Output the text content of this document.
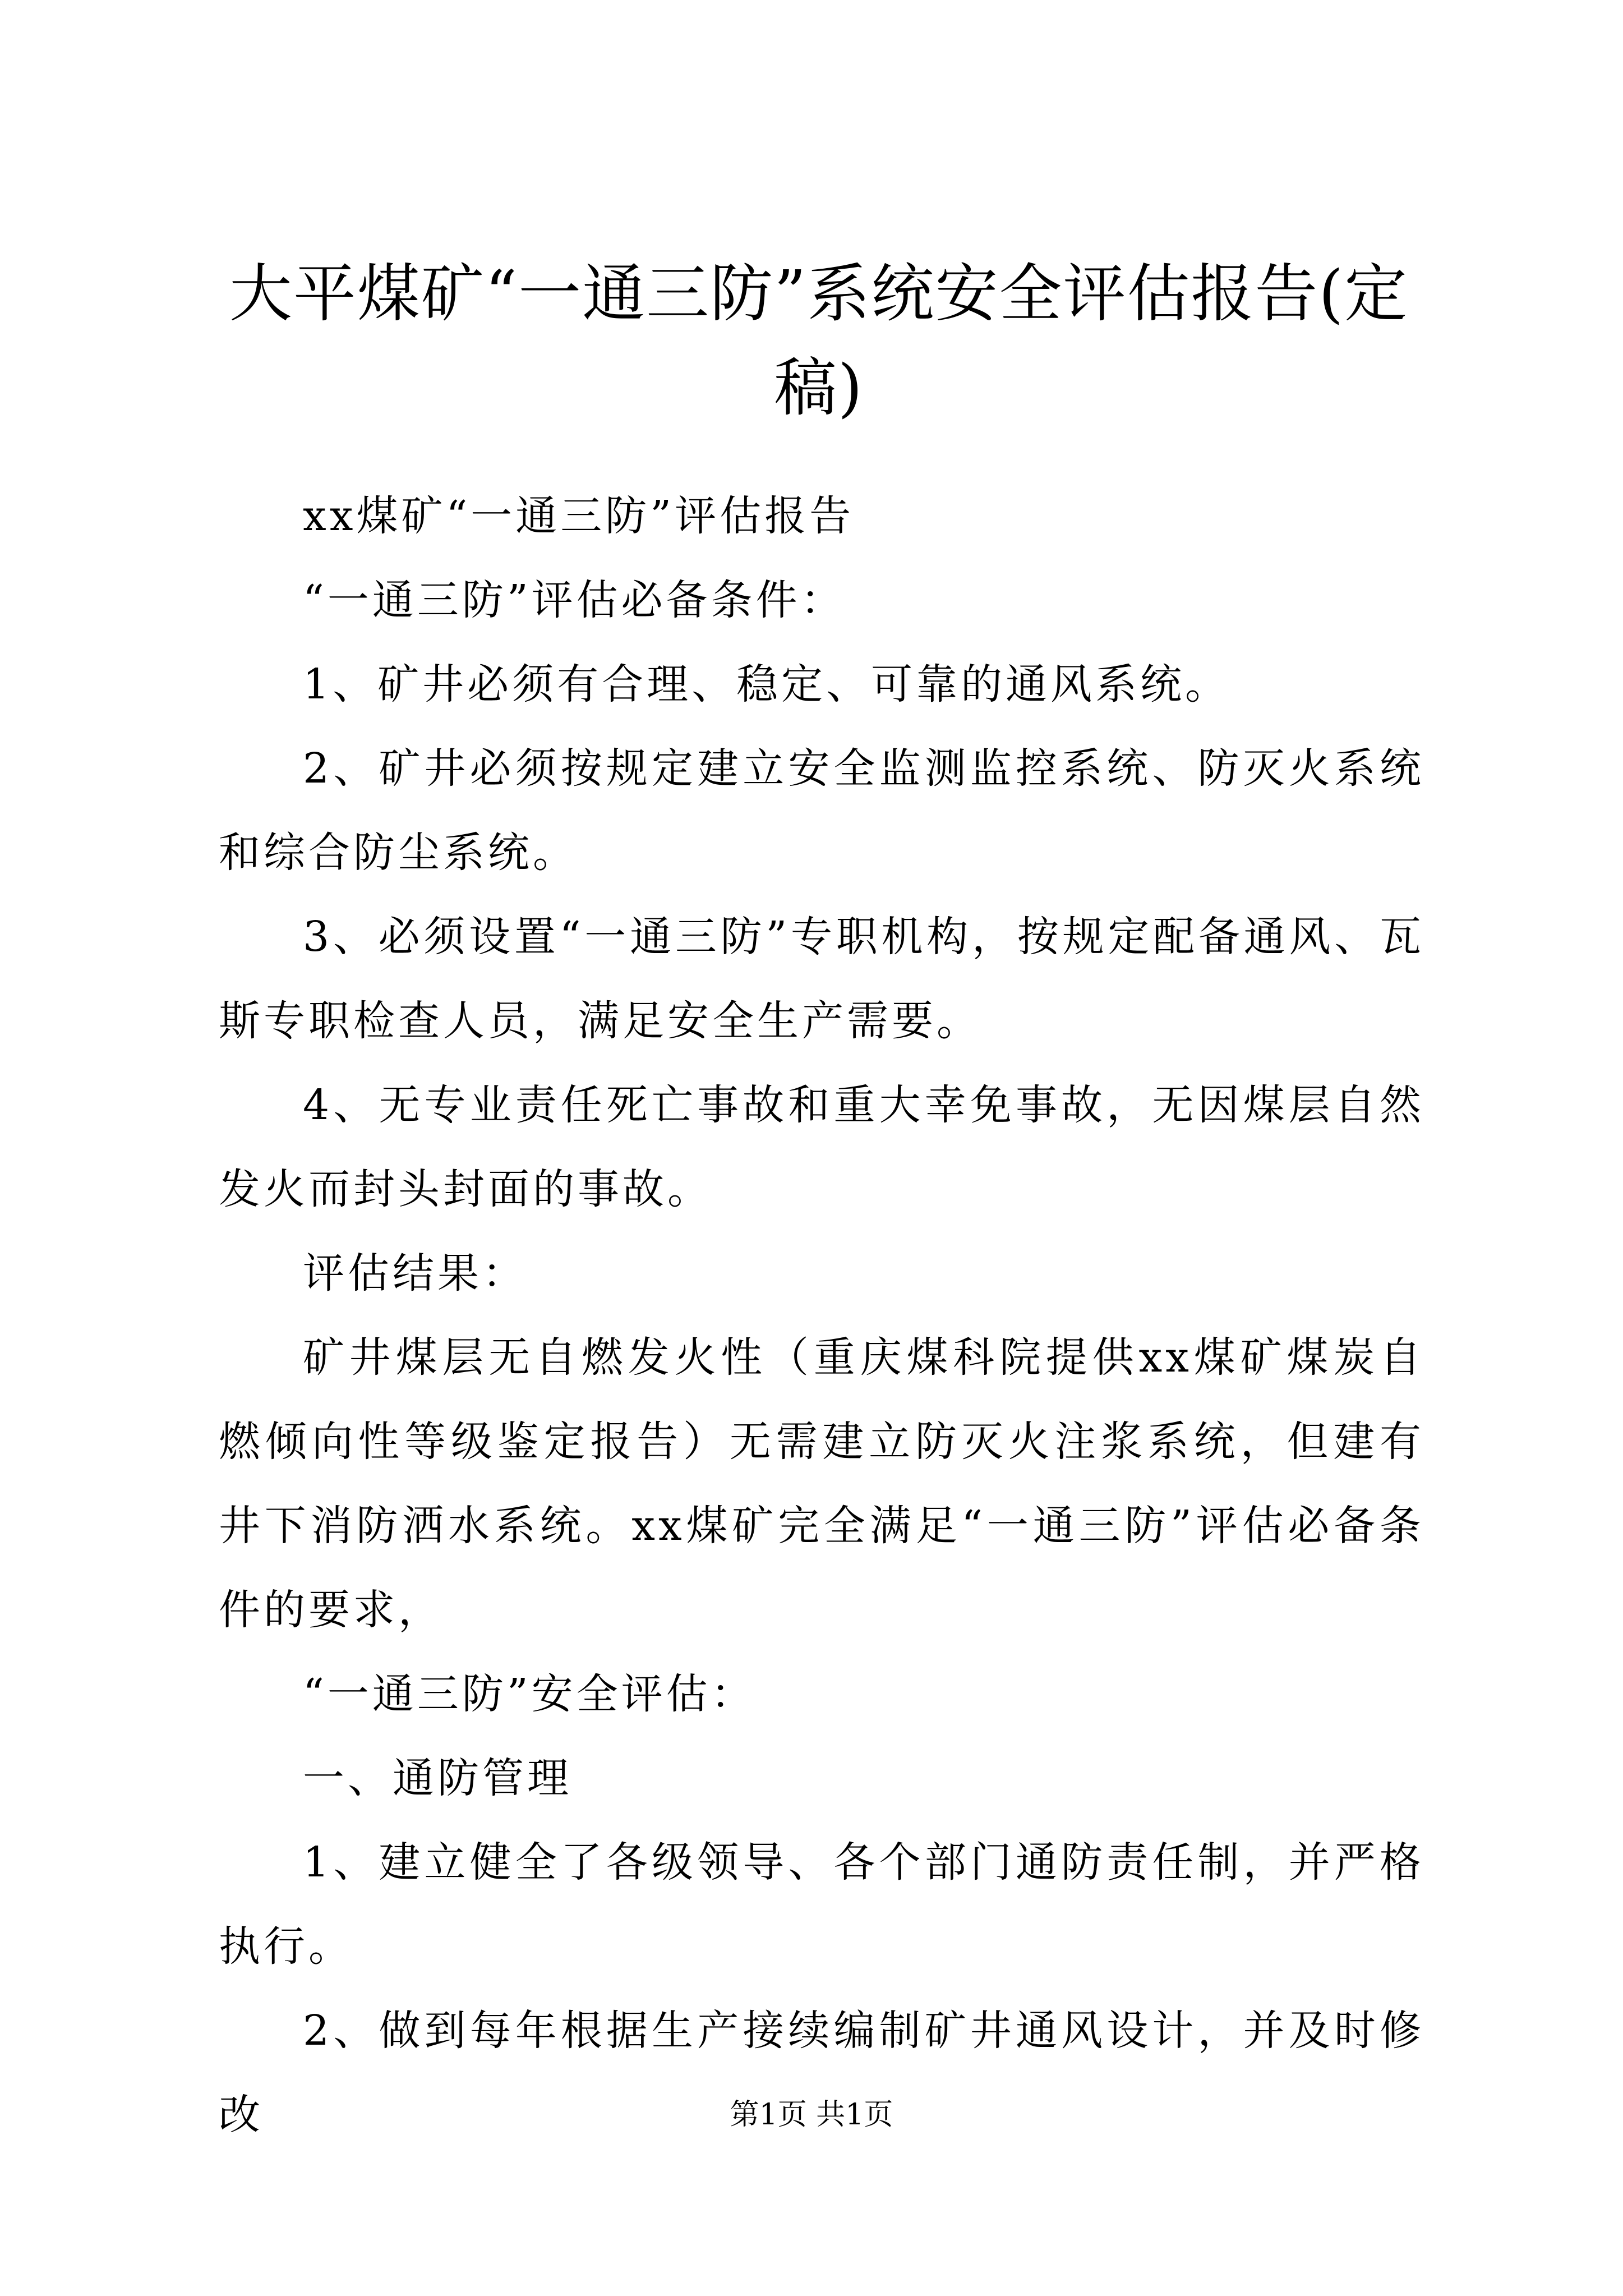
大平煤矿“一通三防”系统安全评估报告(定稿)

xx煤矿“一通三防”评估报告

“一通三防”评估必备条件：

1、矿井必须有合理、稳定、可靠的通风系统。

2、矿井必须按规定建立安全监测监控系统、防灭火系统和综合防尘系统。

3、必须设置“一通三防”专职机构，按规定配备通风、瓦斯专职检查人员，满足安全生产需要。

4、无专业责任死亡事故和重大幸免事故，无因煤层自然发火而封头封面的事故。

评估结果：

矿井煤层无自燃发火性（重庆煤科院提供xx煤矿煤炭自燃倾向性等级鉴定报告）无需建立防灭火注浆系统，但建有井下消防洒水系统。xx煤矿完全满足“一通三防”评估必备条件的要求，

“一通三防”安全评估：

一、通防管理

1、建立健全了各级领导、各个部门通防责任制，并严格执行。

2、做到每年根据生产接续编制矿井通风设计，并及时修改	第1页 共1页
